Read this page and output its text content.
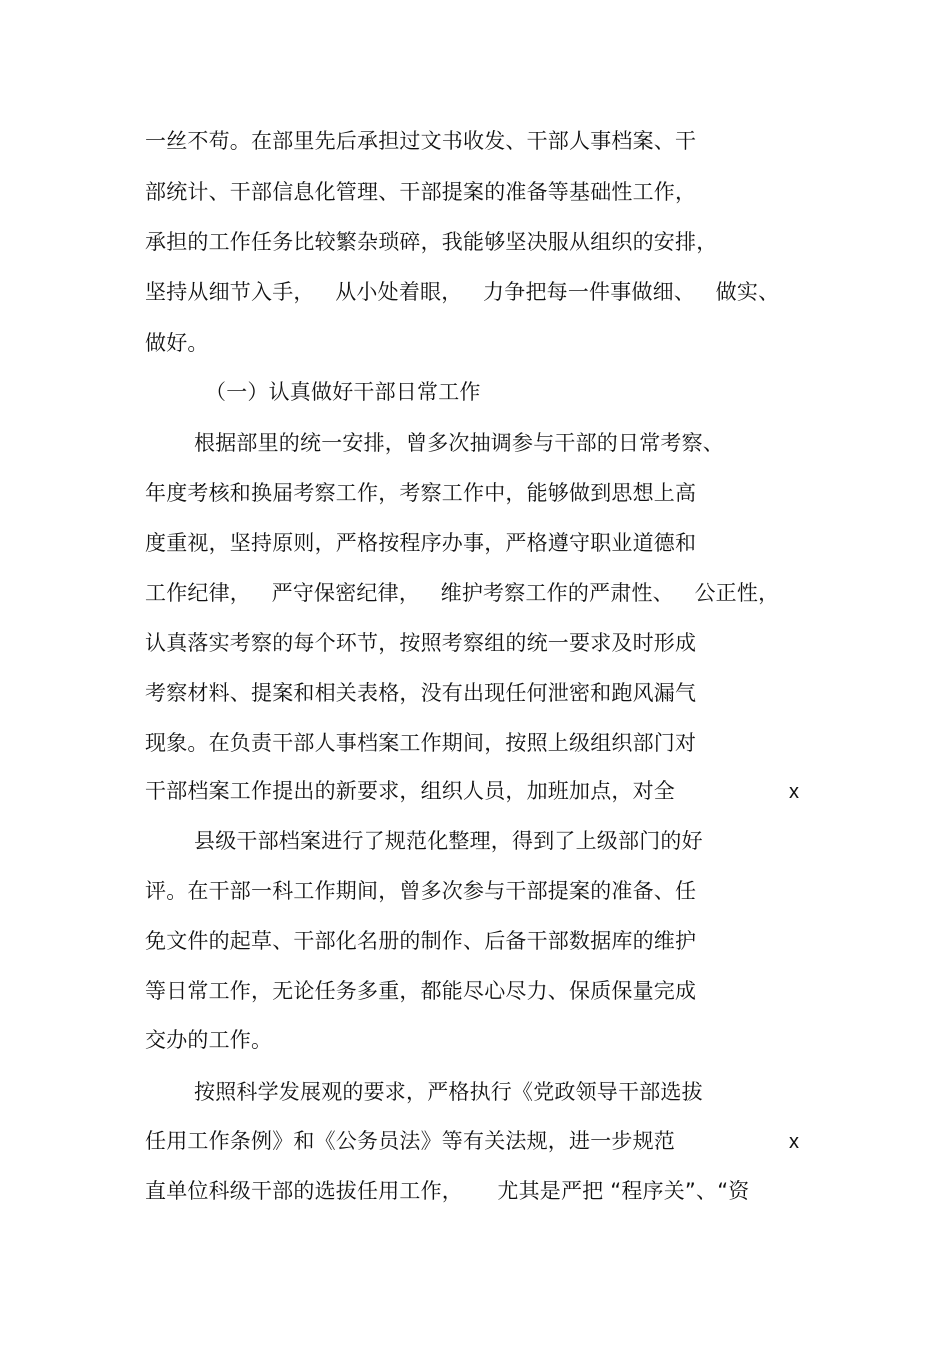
一丝不苟。在部里先后承担过文书收发、干部人事档案、干
部统计、干部信息化管理、干部提案的准备等基础性工作，
承担的工作任务比较繁杂琐碎，我能够坚决服从组织的安排，
坚持从细节入手，   从小处着眼，   力争把每一件事做细、   做实、
做好。
（一）认真做好干部日常工作
根据部里的统一安排，曾多次抽调参与干部的日常考察、
年度考核和换届考察工作，考察工作中，能够做到思想上高
度重视，坚持原则，严格按程序办事，严格遵守职业道德和
工作纪律，   严守保密纪律，   维护考察工作的严肃性、   公正性，
认真落实考察的每个环节，按照考察组的统一要求及时形成
考察材料、提案和相关表格，没有出现任何泄密和跑风漏气
现象。在负责干部人事档案工作期间，按照上级组织部门对
干部档案工作提出的新要求，组织人员，加班加点，对全	x
县级干部档案进行了规范化整理，得到了上级部门的好
评。在干部一科工作期间，曾多次参与干部提案的准备、任
免文件的起草、干部化名册的制作、后备干部数据库的维护
等日常工作，无论任务多重，都能尽心尽力、保质保量完成
交办的工作。
按照科学发展观的要求，严格执行《党政领导干部选拔
任用工作条例》和《公务员法》等有关法规，进一步规范	x
直单位科级干部的选拔任用工作，     尤其是严把 “程序关”、“资
